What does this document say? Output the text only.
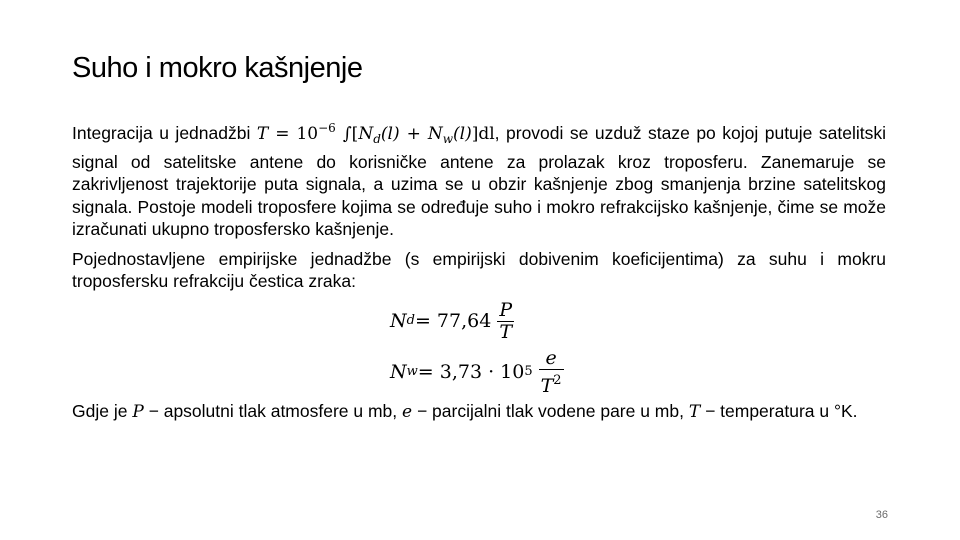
Suho i mokro kašnjenje

Integracija u jednadžbi $T = 10^{-6}$ $\int[N_d(l) + N_w(l)]dl$, provodi se uzduž staze po kojoj putuje satelitski signal od satelitske antene do korisničke antene za prolazak kroz troposferu. Zanemaruje se zakrivljenost trajektorije puta signala, a uzima se u obzir kašnjenje zbog smanjenja brzine satelitskog signala. Postoje modeli troposfere kojima se određuje suho i mokro refrakcijsko kašnjenje, čime se može izračunati ukupno troposfersko kašnjenje.

Pojednostavljene empirijske jednadžbe (s empirijski dobivenim koeficijentima) za suhu i mokru troposfersku refrakciju čestica zraka:

N $d = 77,64 \frac{P}{T}$
N w = 3,73 · 10 $5 \frac{e}{T^2}$

Gdje je P − apsolutni tlak atmosfere u mb, e − parcijalni tlak vodene pare u mb, T − temperatura u °K.

36
